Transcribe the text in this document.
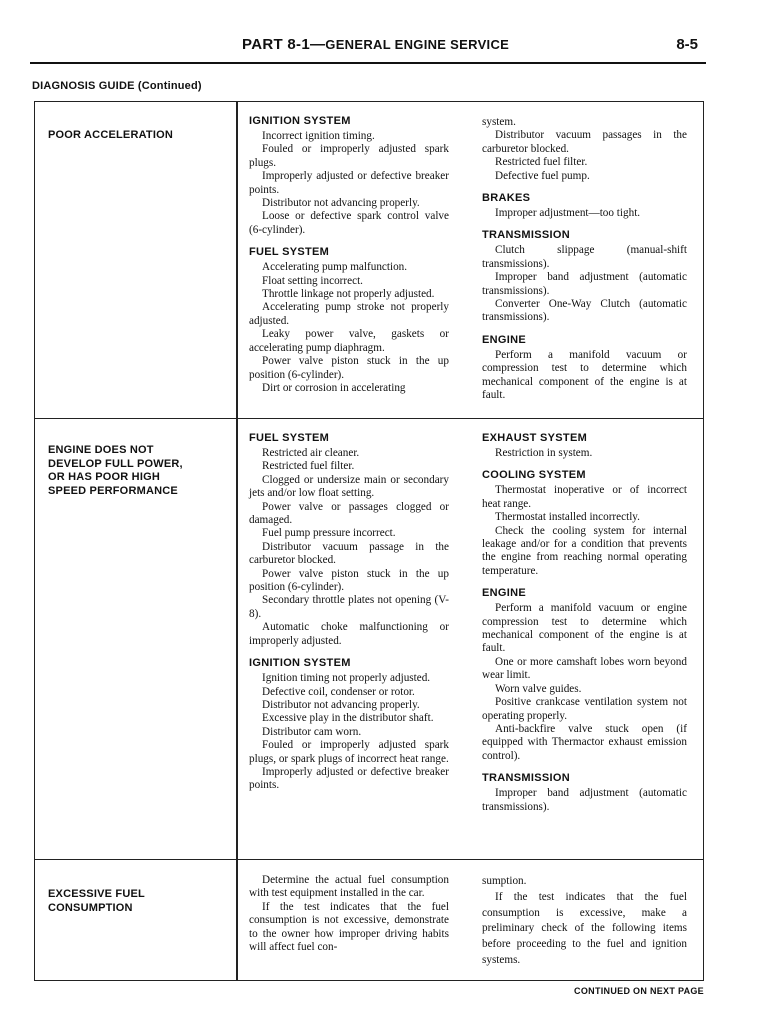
PART 8-1—GENERAL ENGINE SERVICE	8-5
DIAGNOSIS GUIDE (Continued)
POOR ACCELERATION
IGNITION SYSTEM

Incorrect ignition timing.

Fouled or improperly adjusted spark plugs.

Improperly adjusted or defective breaker points.

Distributor not advancing properly.

Loose or defective spark control valve (6-cylinder).

FUEL SYSTEM

Accelerating pump malfunction.

Float setting incorrect.

Throttle linkage not properly adjusted.

Accelerating pump stroke not properly adjusted.

Leaky power valve, gaskets or accelerating pump diaphragm.

Power valve piston stuck in the up position (6-cylinder).

Dirt or corrosion in accelerating

system.

Distributor vacuum passages in the carburetor blocked.

Restricted fuel filter.

Defective fuel pump.

BRAKES

Improper adjustment—too tight.

TRANSMISSION

Clutch slippage (manual-shift transmissions).

Improper band adjustment (automatic transmissions).

Converter One-Way Clutch (automatic transmissions).

ENGINE

Perform a manifold vacuum or compression test to determine which mechanical component of the engine is at fault.

ENGINE DOES NOT
DEVELOP FULL POWER,
OR HAS POOR HIGH
SPEED PERFORMANCE
FUEL SYSTEM

Restricted air cleaner.

Restricted fuel filter.

Clogged or undersize main or secondary jets and/or low float setting.

Power valve or passages clogged or damaged.

Fuel pump pressure incorrect.

Distributor vacuum passage in the carburetor blocked.

Power valve piston stuck in the up position (6-cylinder).

Secondary throttle plates not opening (V-8).

Automatic choke malfunctioning or improperly adjusted.

IGNITION SYSTEM

Ignition timing not properly adjusted.

Defective coil, condenser or rotor.

Distributor not advancing properly.

Excessive play in the distributor shaft.

Distributor cam worn.

Fouled or improperly adjusted spark plugs, or spark plugs of incorrect heat range.

Improperly adjusted or defective breaker points.

EXHAUST SYSTEM

Restriction in system.

COOLING SYSTEM

Thermostat inoperative or of incorrect heat range.

Thermostat installed incorrectly.

Check the cooling system for internal leakage and/or for a condition that prevents the engine from reaching normal operating temperature.

ENGINE

Perform a manifold vacuum or engine compression test to determine which mechanical component of the engine is at fault.

One or more camshaft lobes worn beyond wear limit.

Worn valve guides.

Positive crankcase ventilation system not operating properly.

Anti-backfire valve stuck open (if equipped with Thermactor exhaust emission control).

TRANSMISSION

Improper band adjustment (automatic transmissions).

EXCESSIVE FUEL
CONSUMPTION

Determine the actual fuel consumption with test equipment installed in the car.

If the test indicates that the fuel consumption is not excessive, demonstrate to the owner how improper driving habits will affect fuel con-

sumption.

If the test indicates that the fuel consumption is excessive, make a preliminary check of the following items before proceeding to the fuel and ignition systems.

CONTINUED ON NEXT PAGE
